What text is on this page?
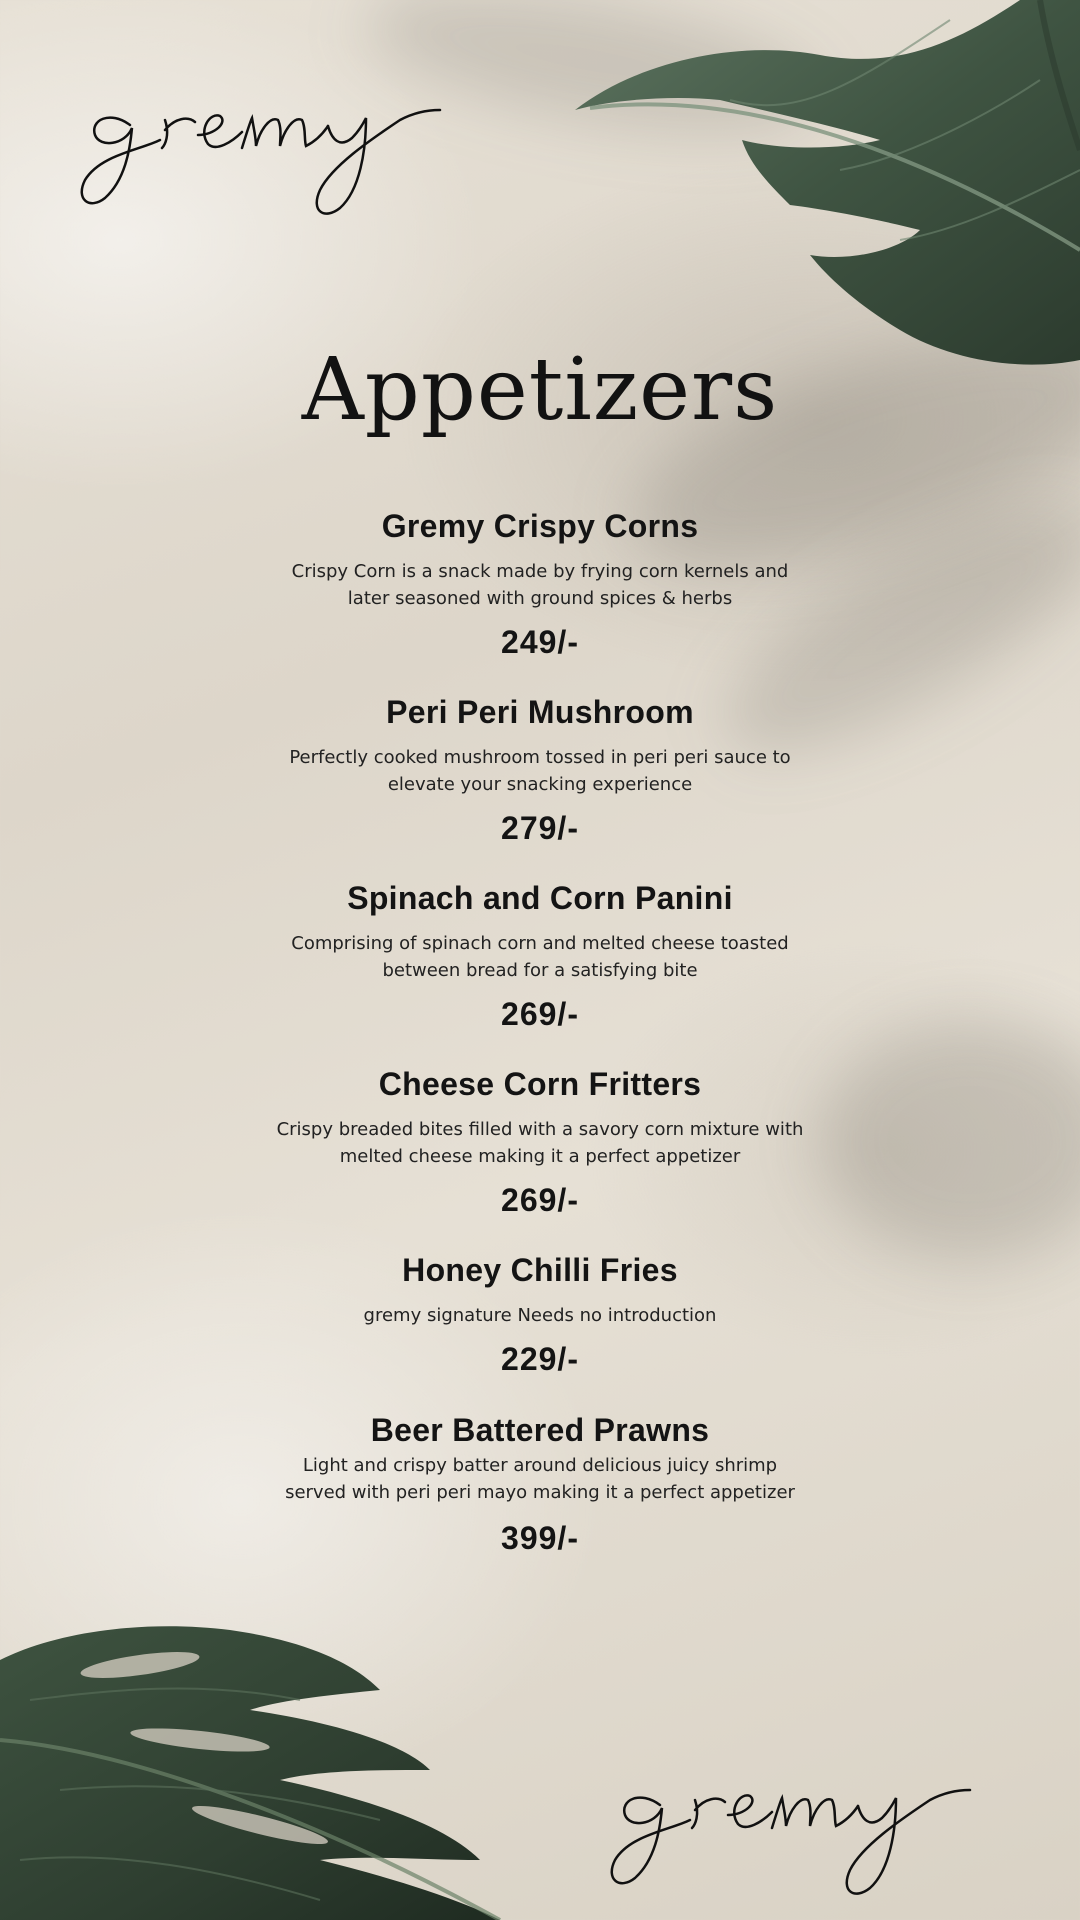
Appetizers
Gremy Crispy Corns
Crispy Corn is a snack made by frying corn kernels and later seasoned with ground spices & herbs
249/-
Peri Peri Mushroom
Perfectly cooked mushroom tossed in peri peri sauce to elevate your snacking experience
279/-
Spinach and Corn Panini
Comprising of spinach corn and melted cheese toasted between bread for a satisfying bite
269/-
Cheese Corn Fritters
Crispy breaded bites filled with a savory corn mixture with melted cheese making it a perfect appetizer
269/-
Honey Chilli Fries
gremy signature Needs no introduction
229/-
Beer Battered Prawns
Light and crispy batter around delicious juicy shrimp served with peri peri mayo making it a perfect appetizer
399/-
